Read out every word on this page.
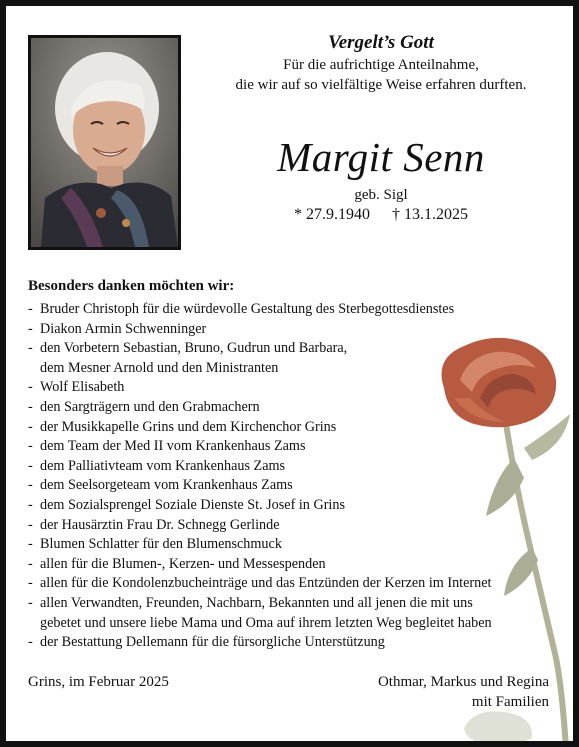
Vergelt’s Gott

Für die aufrichtige Anteilnahme,

die wir auf so vielfältige Weise erfahren durften.

Margit Senn

geb. Sigl

* 27.9.1940 † 13.1.2025

Besonders danken möchten wir:

- Bruder Christoph für die würdevolle Gestaltung des Sterbegottesdienstes
- Diakon Armin Schwenninger
- den Vorbetern Sebastian, Bruno, Gudrun und Barbara,
dem Mesner Arnold und den Ministranten
- Wolf Elisabeth
- den Sargträgern und den Grabmachern
- der Musikkapelle Grins und dem Kirchenchor Grins
- dem Team der Med II vom Krankenhaus Zams
- dem Palliativteam vom Krankenhaus Zams
- dem Seelsorgeteam vom Krankenhaus Zams
- dem Sozialsprengel Soziale Dienste St. Josef in Grins
- der Hausärztin Frau Dr. Schnegg Gerlinde
- Blumen Schlatter für den Blumenschmuck
- allen für die Blumen-, Kerzen- und Messespenden
- allen für die Kondolenzbucheinträge und das Entzünden der Kerzen im Internet
- allen Verwandten, Freunden, Nachbarn, Bekannten und all jenen die mit uns
gebetet und unsere liebe Mama und Oma auf ihrem letzten Weg begleitet haben
- der Bestattung Dellemann für die fürsorgliche Unterstützung

Grins, im Februar 2025	Othmar, Markus und Regina

mit Familien
